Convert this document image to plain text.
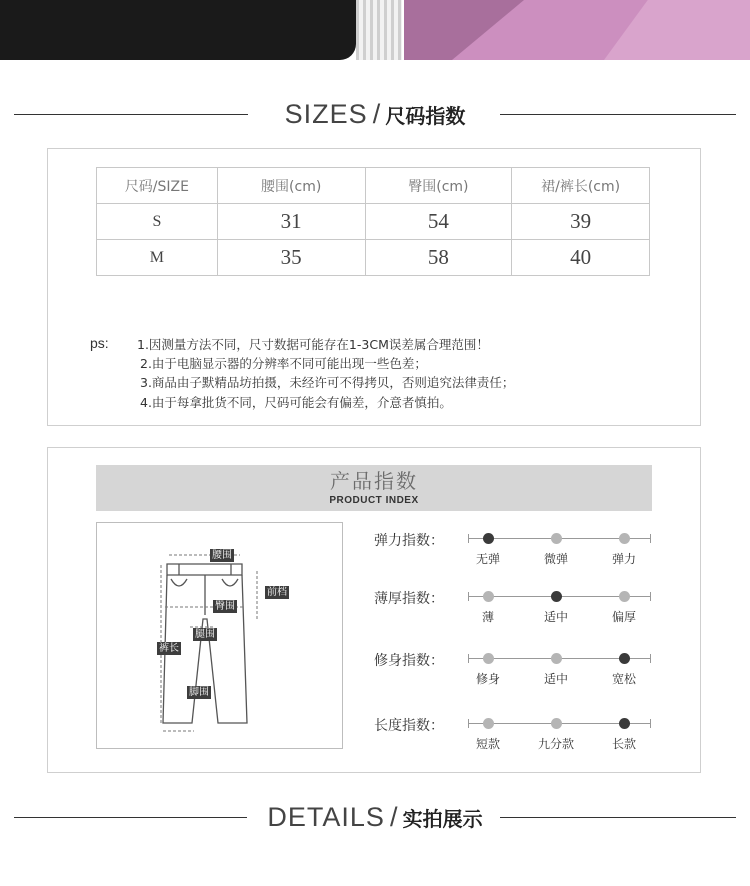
SIZES / 尺码指数
尺码/SIZE	腰围(cm)	臀围(cm)	裙/裤长(cm)
S	31	54	39
M	35	58	40
ps: 1.因测量方法不同，尺寸数据可能存在1-3CM误差属合理范围！
2.由于电脑显示器的分辨率不同可能出现一些色差；
3.商品由子默精品坊拍摄，未经许可不得拷贝，否则追究法律责任；
4.由于每拿批货不同，尺码可能会有偏差，介意者慎拍。
产品指数
PRODUCT INDEX
腰围
前档
臀围
腿围
裤长
脚围
弹力指数：
无弹	微弹	弹力
薄厚指数：
薄	适中	偏厚
修身指数：
修身	适中	宽松
长度指数：
短款	九分款	长款
DETAILS / 实拍展示
